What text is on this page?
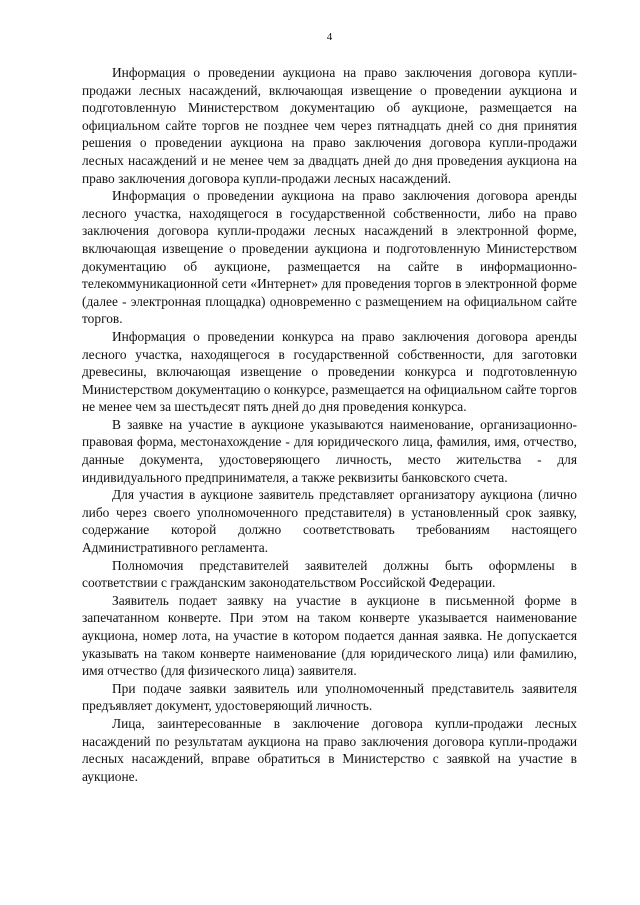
4

Информация о проведении аукциона на право заключения договора купли-продажи лесных насаждений, включающая извещение о проведении аукциона и подготовленную Министерством документацию об аукционе, размещается на официальном сайте торгов не позднее чем через пятнадцать дней со дня принятия решения о проведении аукциона на право заключения договора купли-продажи лесных насаждений и не менее чем за двадцать дней до дня проведения аукциона на право заключения договора купли-продажи лесных насаждений.

Информация о проведении аукциона на право заключения договора аренды лесного участка, находящегося в государственной собственности, либо на право заключения договора купли-продажи лесных насаждений в электронной форме, включающая извещение о проведении аукциона и подготовленную Министерством документацию об аукционе, размещается на сайте в информационно-телекоммуникационной сети «Интернет» для проведения торгов в электронной форме (далее - электронная площадка) одновременно с размещением на официальном сайте торгов.

Информация о проведении конкурса на право заключения договора аренды лесного участка, находящегося в государственной собственности, для заготовки древесины, включающая извещение о проведении конкурса и подготовленную Министерством документацию о конкурсе, размещается на официальном сайте торгов не менее чем за шестьдесят пять дней до дня проведения конкурса.

В заявке на участие в аукционе указываются наименование, организационно-правовая форма, местонахождение - для юридического лица, фамилия, имя, отчество, данные документа, удостоверяющего личность, место жительства - для индивидуального предпринимателя, а также реквизиты банковского счета.

Для участия в аукционе заявитель представляет организатору аукциона (лично либо через своего уполномоченного представителя) в установленный срок заявку, содержание которой должно соответствовать требованиям настоящего Административного регламента.

Полномочия представителей заявителей должны быть оформлены в соответствии с гражданским законодательством Российской Федерации.

Заявитель подает заявку на участие в аукционе в письменной форме в запечатанном конверте. При этом на таком конверте указывается наименование аукциона, номер лота, на участие в котором подается данная заявка. Не допускается указывать на таком конверте наименование (для юридического лица) или фамилию, имя отчество (для физического лица) заявителя.

При подаче заявки заявитель или уполномоченный представитель заявителя предъявляет документ, удостоверяющий личность.

Лица, заинтересованные в заключение договора купли-продажи лесных насаждений по результатам аукциона на право заключения договора купли-продажи лесных насаждений, вправе обратиться в Министерство с заявкой на участие в аукционе.
